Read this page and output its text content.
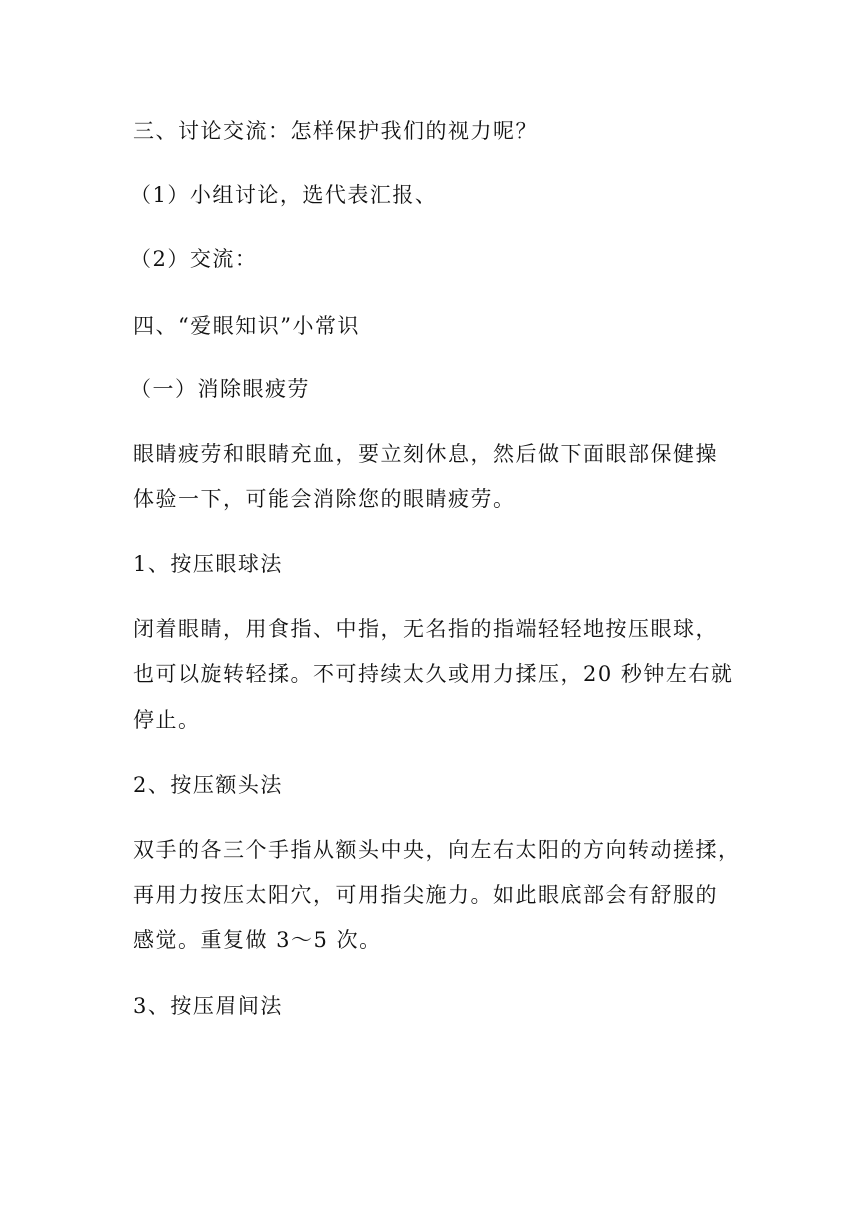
三、讨论交流：怎样保护我们的视力呢？
（1）小组讨论，选代表汇报、
（2）交流：
四、“爱眼知识”小常识
（一）消除眼疲劳
眼睛疲劳和眼睛充血，要立刻休息，然后做下面眼部保健操
体验一下，可能会消除您的眼睛疲劳。
1、按压眼球法
闭着眼睛，用食指、中指，无名指的指端轻轻地按压眼球，
也可以旋转轻揉。不可持续太久或用力揉压，20 秒钟左右就
停止。
2、按压额头法
双手的各三个手指从额头中央，向左右太阳的方向转动搓揉，
再用力按压太阳穴，可用指尖施力。如此眼底部会有舒服的
感觉。重复做 3～5 次。
3、按压眉间法
